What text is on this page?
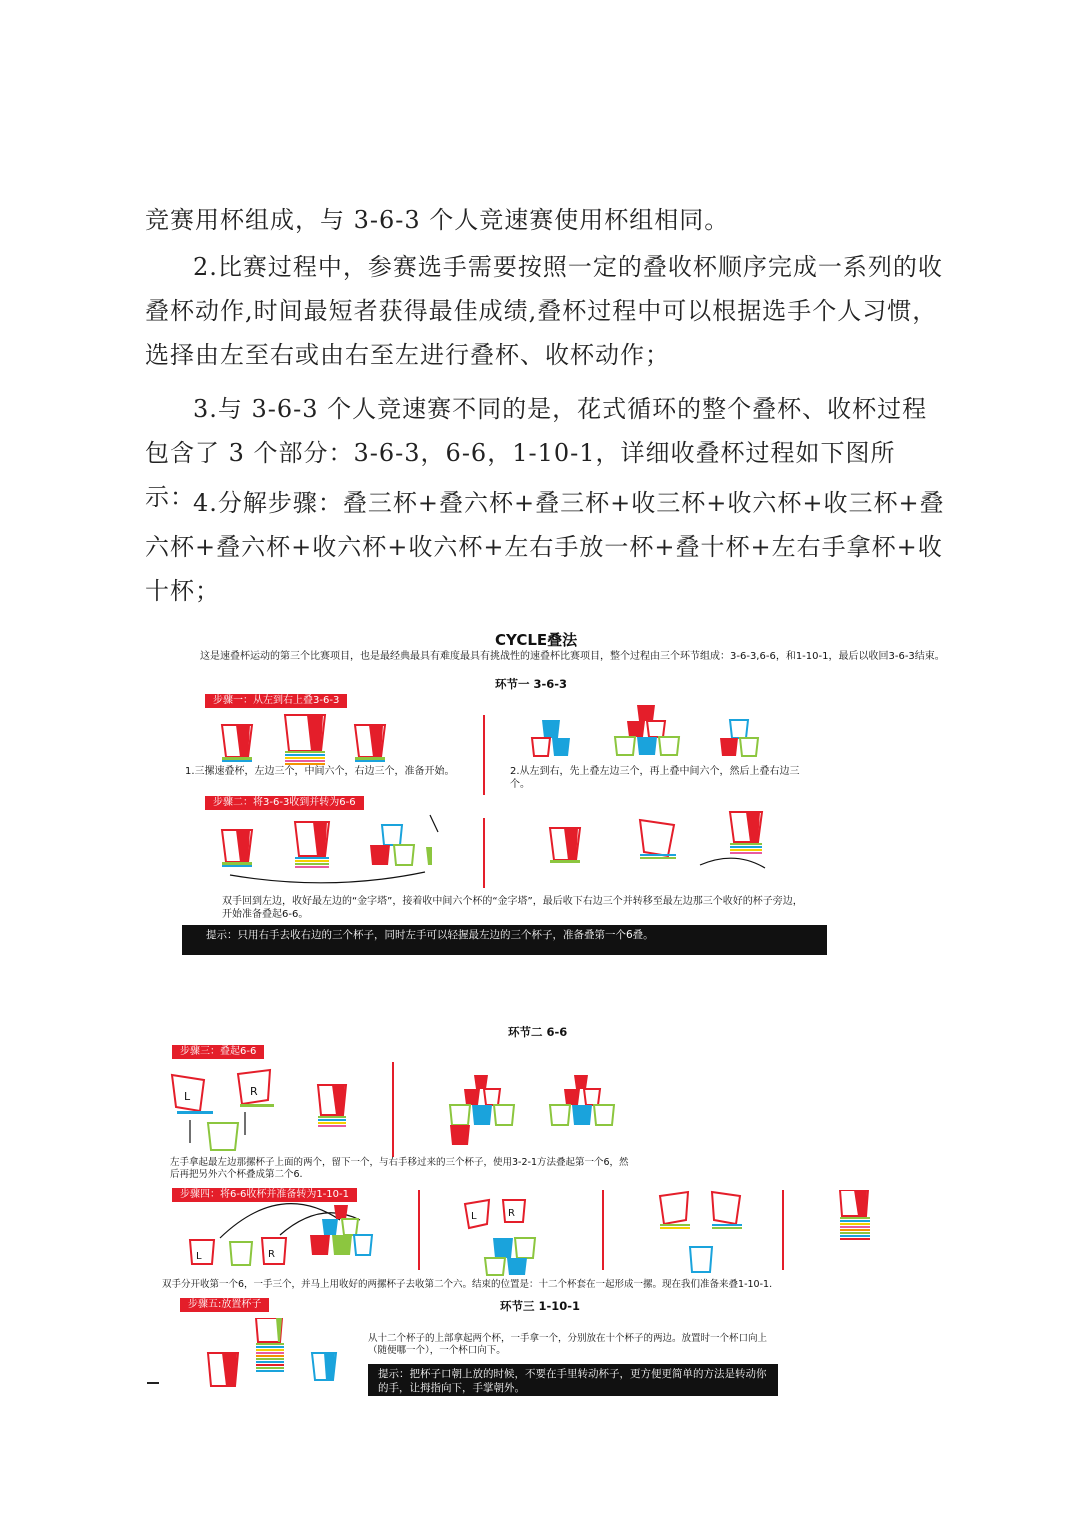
竞赛用杯组成，与 3-6-3 个人竞速赛使用杯组相同。

2.比赛过程中，参赛选手需要按照一定的叠收杯顺序完成一系列的收叠杯动作,时间最短者获得最佳成绩,叠杯过程中可以根据选手个人习惯，选择由左至右或由右至左进行叠杯、收杯动作；

3.与 3-6-3 个人竞速赛不同的是，花式循环的整个叠杯、收杯过程包含了 3 个部分：3-6-3，6-6，1-10-1，详细收叠杯过程如下图所示：

4.分解步骤：叠三杯+叠六杯+叠三杯+收三杯+收六杯+收三杯+叠六杯+叠六杯+收六杯+收六杯+左右手放一杯+叠十杯+左右手拿杯+收十杯；

CYCLE叠法

这是速叠杯运动的第三个比赛项目，也是最经典最具有难度最具有挑战性的速叠杯比赛项目，整个过程由三个环节组成：3-6-3,6-6，和1-10-1，最后以收回3-6-3结束。

环节一 3-6-3
步骤一：从左到右上叠3-6-3

1.三摞速叠杯，左边三个，中间六个，右边三个，准备开始。	2.从左到右，先上叠左边三个，再上叠中间六个，然后上叠右边三个。

步骤二：将3-6-3收到并转为6-6

双手回到左边，收好最左边的“金字塔”，接着收中间六个杯的“金字塔”，最后收下右边三个并转移至最左边那三个收好的杯子旁边，开始准备叠起6-6。

提示：只用右手去收右边的三个杯子，同时左手可以轻握最左边的三个杯子，准备叠第一个6叠。
环节二 6-6
步骤三：叠起6-6
L	R

左手拿起最左边那摞杯子上面的两个，留下一个，与右手移过来的三个杯子，使用3-2-1方法叠起第一个6，然后再把另外六个杯叠成第二个6.

步骤四：将6-6收杯并准备转为1-10-1
L	R
L	R

双手分开收第一个6，一手三个，并马上用收好的两摞杯子去收第二个六。结束的位置是：十二个杯套在一起形成一摞。现在我们准备来叠1-10-1.

环节三 1-10-1
步骤五:放置杯子

从十二个杯子的上部拿起两个杯，一手拿一个，分别放在十个杯子的两边。放置时一个杯口向上（随便哪一个），一个杯口向下。

提示：把杯子口朝上放的时候，不要在手里转动杯子，更方便更简单的方法是转动你的手，让拇指向下，手掌朝外。
